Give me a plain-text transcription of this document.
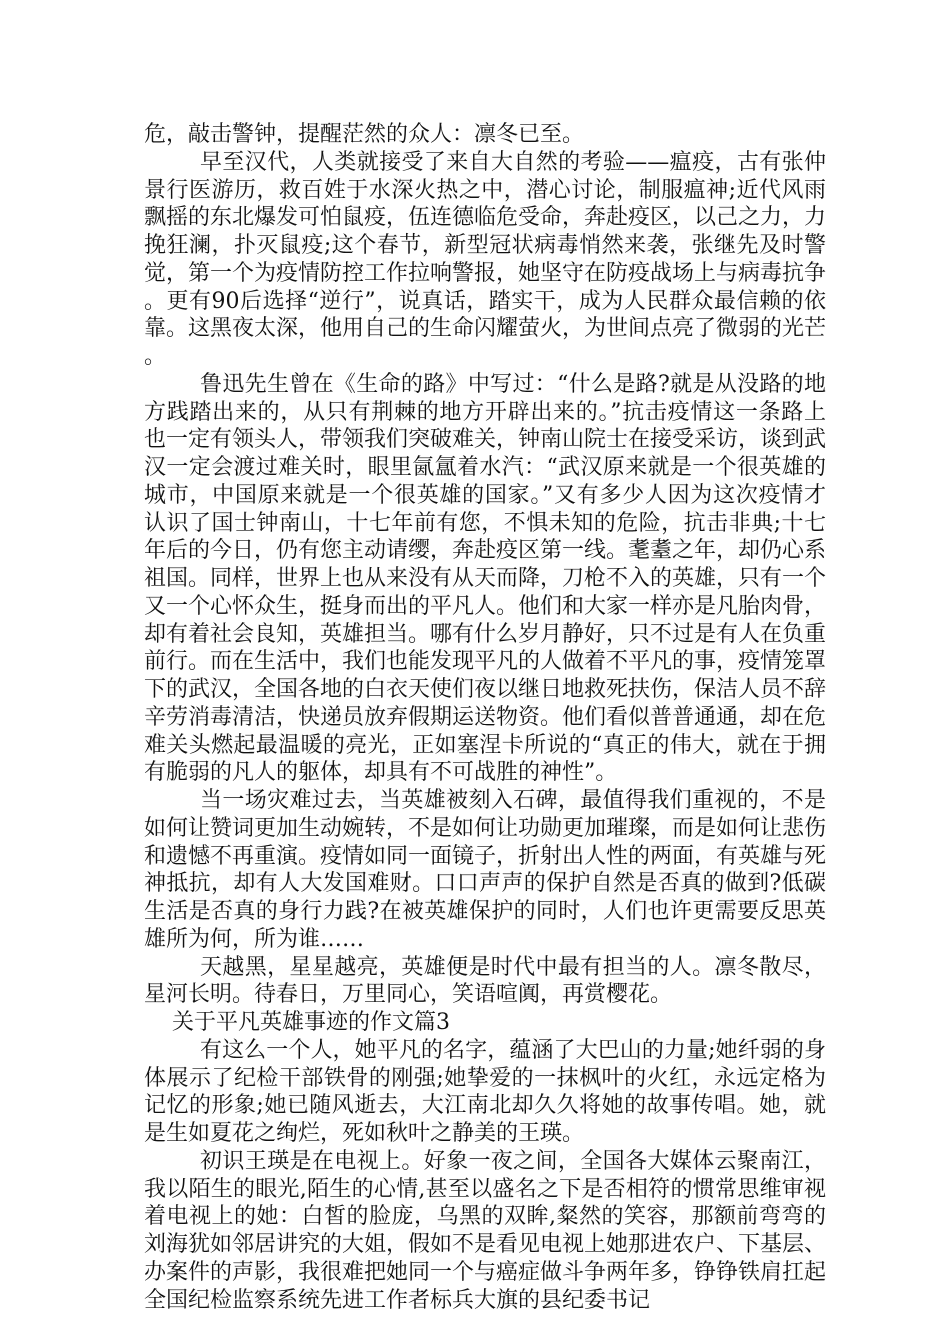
危，敲击警钟，提醒茫然的众人：凛冬已至。

早至汉代，人类就接受了来自大自然的考验——瘟疫，古有张仲景行医游历，救百姓于水深火热之中，潜心讨论，制服瘟神;近代风雨飘摇的东北爆发可怕鼠疫，伍连德临危受命，奔赴疫区，以己之力，力挽狂澜，扑灭鼠疫;这个春节，新型冠状病毒悄然来袭，张继先及时警觉，第一个为疫情防控工作拉响警报，她坚守在防疫战场上与病毒抗争。更有90后选择“逆行”，说真话，踏实干，成为人民群众最信赖的依靠。这黑夜太深，他用自己的生命闪耀萤火，为世间点亮了微弱的光芒。

鲁迅先生曾在《生命的路》中写过：“什么是路?就是从没路的地方践踏出来的，从只有荆棘的地方开辟出来的。”抗击疫情这一条路上也一定有领头人，带领我们突破难关，钟南山院士在接受采访，谈到武汉一定会渡过难关时，眼里氤氲着水汽：“武汉原来就是一个很英雄的城市，中国原来就是一个很英雄的国家。”又有多少人因为这次疫情才认识了国士钟南山，十七年前有您，不惧未知的危险，抗击非典;十七年后的今日，仍有您主动请缨，奔赴疫区第一线。耄耋之年，却仍心系祖国。同样，世界上也从来没有从天而降，刀枪不入的英雄，只有一个又一个心怀众生，挺身而出的平凡人。他们和大家一样亦是凡胎肉骨，却有着社会良知，英雄担当。哪有什么岁月静好，只不过是有人在负重前行。而在生活中，我们也能发现平凡的人做着不平凡的事，疫情笼罩下的武汉，全国各地的白衣天使们夜以继日地救死扶伤，保洁人员不辞辛劳消毒清洁，快递员放弃假期运送物资。他们看似普普通通，却在危难关头燃起最温暖的亮光，正如塞涅卡所说的“真正的伟大，就在于拥有脆弱的凡人的躯体，却具有不可战胜的神性”。

当一场灾难过去，当英雄被刻入石碑，最值得我们重视的，不是如何让赞词更加生动婉转，不是如何让功勋更加璀璨，而是如何让悲伤和遗憾不再重演。疫情如同一面镜子，折射出人性的两面，有英雄与死神抵抗，却有人大发国难财。口口声声的保护自然是否真的做到?低碳生活是否真的身行力践?在被英雄保护的同时，人们也许更需要反思英雄所为何，所为谁……

天越黑，星星越亮，英雄便是时代中最有担当的人。凛冬散尽，星河长明。待春日，万里同心，笑语喧阗，再赏樱花。

关于平凡英雄事迹的作文篇3

有这么一个人，她平凡的名字，蕴涵了大巴山的力量;她纤弱的身体展示了纪检干部铁骨的刚强;她挚爱的一抹枫叶的火红，永远定格为记忆的形象;她已随风逝去，大江南北却久久将她的故事传唱。她，就是生如夏花之绚烂，死如秋叶之静美的王瑛。

初识王瑛是在电视上。好象一夜之间，全国各大媒体云聚南江，我以陌生的眼光,陌生的心情,甚至以盛名之下是否相符的惯常思维审视着电视上的她：白皙的脸庞，乌黑的双眸,粲然的笑容，那额前弯弯的刘海犹如邻居讲究的大姐，假如不是看见电视上她那进农户、下基层、办案件的声影，我很难把她同一个与癌症做斗争两年多，铮铮铁肩扛起全国纪检监察系统先进工作者标兵大旗的县纪委书记
